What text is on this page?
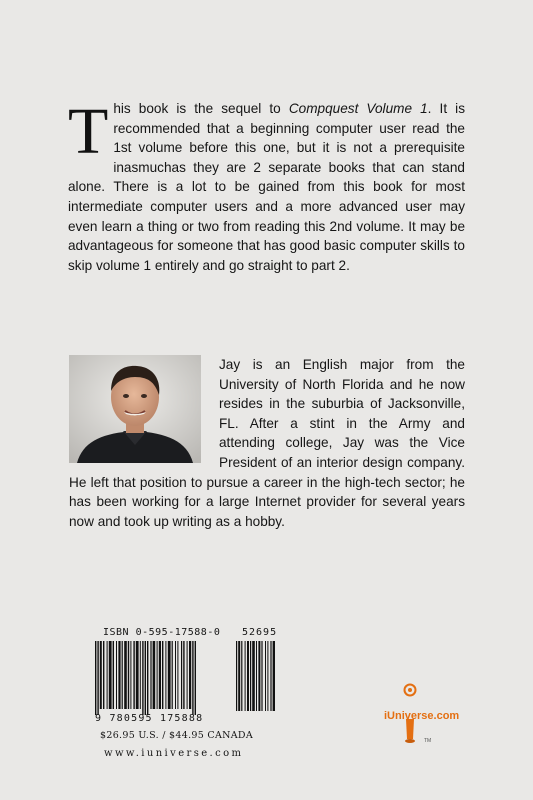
This book is the sequel to Compquest Volume 1. It is recommended that a beginning computer user read the 1st volume before this one, but it is not a prerequisite inasmuchas they are 2 separate books that can stand alone. There is a lot to be gained from this book for most intermediate computer users and a more advanced user may even learn a thing or two from reading this 2nd volume. It may be advantageous for someone that has good basic computer skills to skip volume 1 entirely and go straight to part 2.
Jay is an English major from the University of North Florida and he now resides in the suburbia of Jacksonville, FL. After a stint in the Army and attending college, Jay was the Vice President of an interior design company. He left that position to pursue a career in the high-tech sector; he has been working for a large Internet provider for several years now and took up writing as a hobby.
ISBN 0-595-17588-0 52695
9 780595 175888
$26.95 U.S. / $44.95 CANADA
www.iuniverse.com
iUniverse.com
TM
